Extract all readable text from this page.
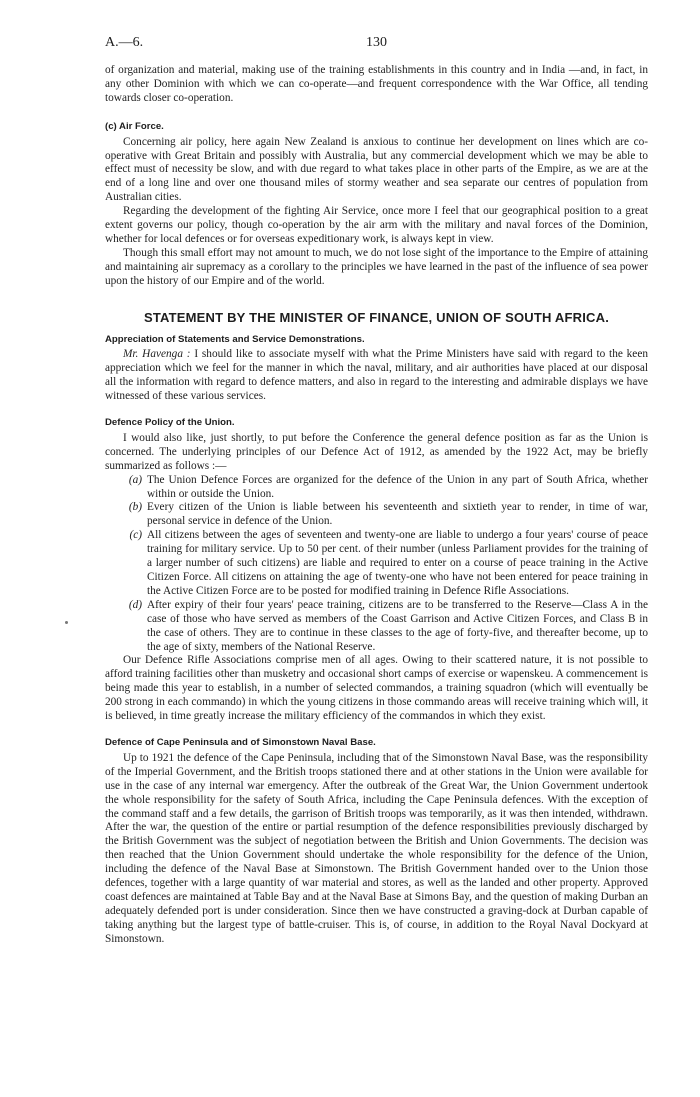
A.—6.	130

of organization and material, making use of the training establishments in this country and in India —and, in fact, in any other Dominion with which we can co-operate—and frequent correspondence with the War Office, all tending towards closer co-operation.

(c) Air Force.

Concerning air policy, here again New Zealand is anxious to continue her development on lines which are co-operative with Great Britain and possibly with Australia, but any commercial development which we may be able to effect must of necessity be slow, and with due regard to what takes place in other parts of the Empire, as we are at the end of a long line and over one thousand miles of stormy weather and sea separate our centres of population from Australian cities.

Regarding the development of the fighting Air Service, once more I feel that our geographical position to a great extent governs our policy, though co-operation by the air arm with the military and naval forces of the Dominion, whether for local defences or for overseas expeditionary work, is always kept in view.

Though this small effort may not amount to much, we do not lose sight of the importance to the Empire of attaining and maintaining air supremacy as a corollary to the principles we have learned in the past of the influence of sea power upon the history of our Empire and of the world.

STATEMENT BY THE MINISTER OF FINANCE, UNION OF SOUTH AFRICA.
Appreciation of Statements and Service Demonstrations.

Mr. Havenga : I should like to associate myself with what the Prime Ministers have said with regard to the keen appreciation which we feel for the manner in which the naval, military, and air authorities have placed at our disposal all the information with regard to defence matters, and also in regard to the interesting and admirable displays we have witnessed of these various services.

Defence Policy of the Union.

I would also like, just shortly, to put before the Conference the general defence position as far as the Union is concerned. The underlying principles of our Defence Act of 1912, as amended by the 1922 Act, may be briefly summarized as follows :—

(a) The Union Defence Forces are organized for the defence of the Union in any part of South Africa, whether within or outside the Union.
(b) Every citizen of the Union is liable between his seventeenth and sixtieth year to render, in time of war, personal service in defence of the Union.
(c) All citizens between the ages of seventeen and twenty-one are liable to undergo a four years' course of peace training for military service. Up to 50 per cent. of their number (unless Parliament provides for the training of a larger number of such citizens) are liable and required to enter on a course of peace training in the Active Citizen Force. All citizens on attaining the age of twenty-one who have not been entered for peace training in the Active Citizen Force are to be posted for modified training in Defence Rifle Associations.
(d) After expiry of their four years' peace training, citizens are to be transferred to the Reserve—Class A in the case of those who have served as members of the Coast Garrison and Active Citizen Forces, and Class B in the case of others. They are to continue in these classes to the age of forty-five, and thereafter become, up to the age of sixty, members of the National Reserve.

Our Defence Rifle Associations comprise men of all ages. Owing to their scattered nature, it is not possible to afford training facilities other than musketry and occasional short camps of exercise or wapenskeu. A commencement is being made this year to establish, in a number of selected commandos, a training squadron (which will eventually be 200 strong in each commando) in which the young citizens in those commando areas will receive training which will, it is believed, in time greatly increase the military efficiency of the commandos in which they exist.

Defence of Cape Peninsula and of Simonstown Naval Base.

Up to 1921 the defence of the Cape Peninsula, including that of the Simonstown Naval Base, was the responsibility of the Imperial Government, and the British troops stationed there and at other stations in the Union were available for use in the case of any internal war emergency. After the outbreak of the Great War, the Union Government undertook the whole responsibility for the safety of South Africa, including the Cape Peninsula defences. With the exception of the command staff and a few details, the garrison of British troops was temporarily, as it was then intended, withdrawn. After the war, the question of the entire or partial resumption of the defence responsibilities previously discharged by the British Government was the subject of negotiation between the British and Union Governments. The decision was then reached that the Union Government should undertake the whole responsibility for the defence of the Union, including the defence of the Naval Base at Simonstown. The British Government handed over to the Union those defences, together with a large quantity of war material and stores, as well as the landed and other property. Approved coast defences are maintained at Table Bay and at the Naval Base at Simons Bay, and the question of making Durban an adequately defended port is under consideration. Since then we have constructed a graving-dock at Durban capable of taking anything but the largest type of battle-cruiser. This is, of course, in addition to the Royal Naval Dockyard at Simonstown.
